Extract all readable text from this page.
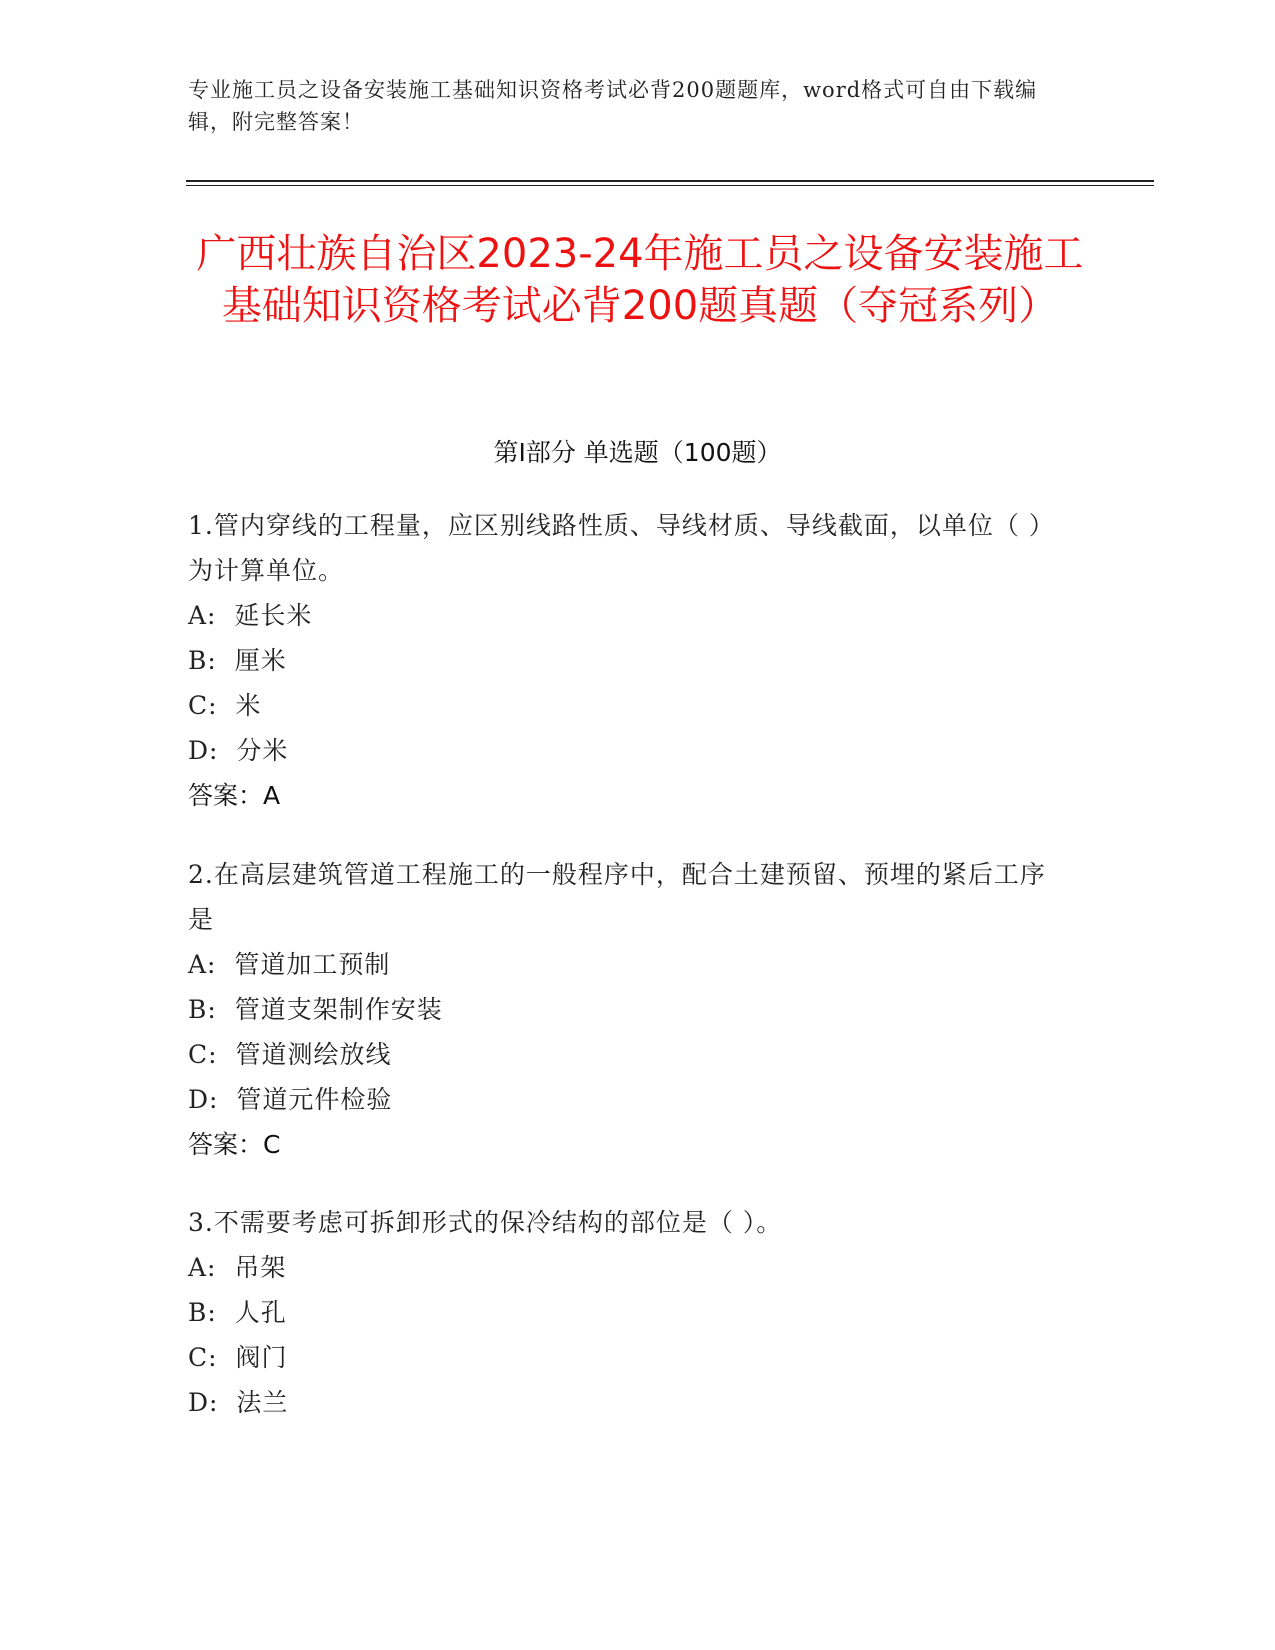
专业施工员之设备安装施工基础知识资格考试必背200题题库，word格式可自由下载编辑，附完整答案！
广西壮族自治区2023-24年施工员之设备安装施工基础知识资格考试必背200题真题（夺冠系列）
第Ⅰ部分 单选题（100题）
1.管内穿线的工程量，应区别线路性质、导线材质、导线截面，以单位（ ）为计算单位。
A:  延长米
B:  厘米
C:  米
D:  分米
答案：A
2.在高层建筑管道工程施工的一般程序中，配合土建预留、预埋的紧后工序是
A:  管道加工预制
B:  管道支架制作安装
C:  管道测绘放线
D:  管道元件检验
答案：C
3.不需要考虑可拆卸形式的保冷结构的部位是（ ）。
A:  吊架
B:  人孔
C:  阀门
D:  法兰
